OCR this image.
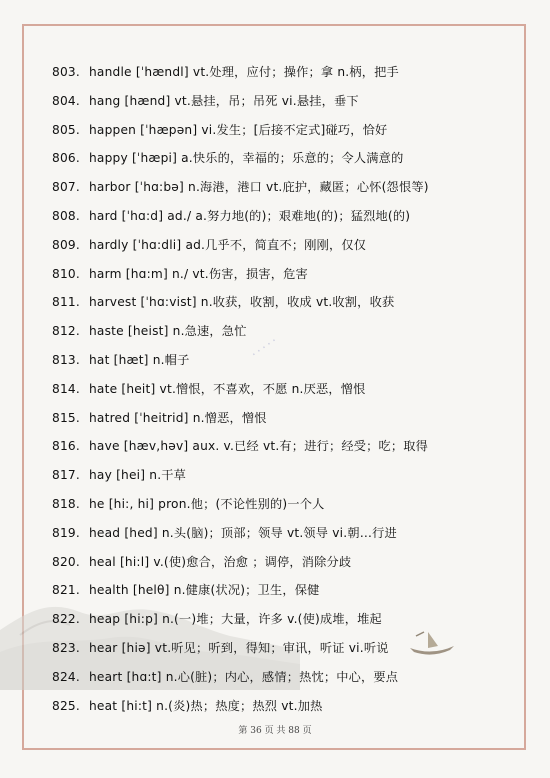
·····
803. handle [ˈhændl] vt.处理，应付；操作；拿 n.柄，把手
804. hang [hænd] vt.悬挂，吊；吊死 vi.悬挂，垂下
805. happen [ˈhæpən] vi.发生；[后接不定式]碰巧，恰好
806. happy [ˈhæpi] a.快乐的，幸福的；乐意的；令人满意的
807. harbor [ˈhɑ:bə] n.海港，港口 vt.庇护，藏匿；心怀(怨恨等)
808. hard [ˈhɑ:d] ad./ a.努力地(的)；艰难地(的)；猛烈地(的)
809. hardly [ˈhɑ:dli] ad.几乎不，简直不；刚刚，仅仅
810. harm [hɑ:m] n./ vt.伤害，损害，危害
811. harvest [ˈhɑ:vist] n.收获，收割，收成 vt.收割，收获
812. haste [heist] n.急速，急忙
813. hat [hæt] n.帽子
814. hate [heit] vt.憎恨，不喜欢，不愿 n.厌恶，憎恨
815. hatred [ˈheitrid] n.憎恶，憎恨
816. have [hæv,həv] aux. v.已经 vt.有；进行；经受；吃；取得
817. hay [hei] n.干草
818. he [hi:, hi] pron.他；(不论性别的)一个人
819. head [hed] n.头(脑)；顶部；领导 vt.领导 vi.朝…行进
820. heal [hi:l] v.(使)愈合，治愈 ；调停，消除分歧
821. health [helθ] n.健康(状况)；卫生，保健
822. heap [hi:p] n.(一)堆；大量，许多 v.(使)成堆，堆起
823. hear [hiə] vt.听见；听到，得知；审讯，听证 vi.听说
824. heart [hɑ:t] n.心(脏)；内心，感情；热忱；中心，要点
825. heat [hi:t] n.(炎)热；热度；热烈 vt.加热
第 36 页 共 88 页
